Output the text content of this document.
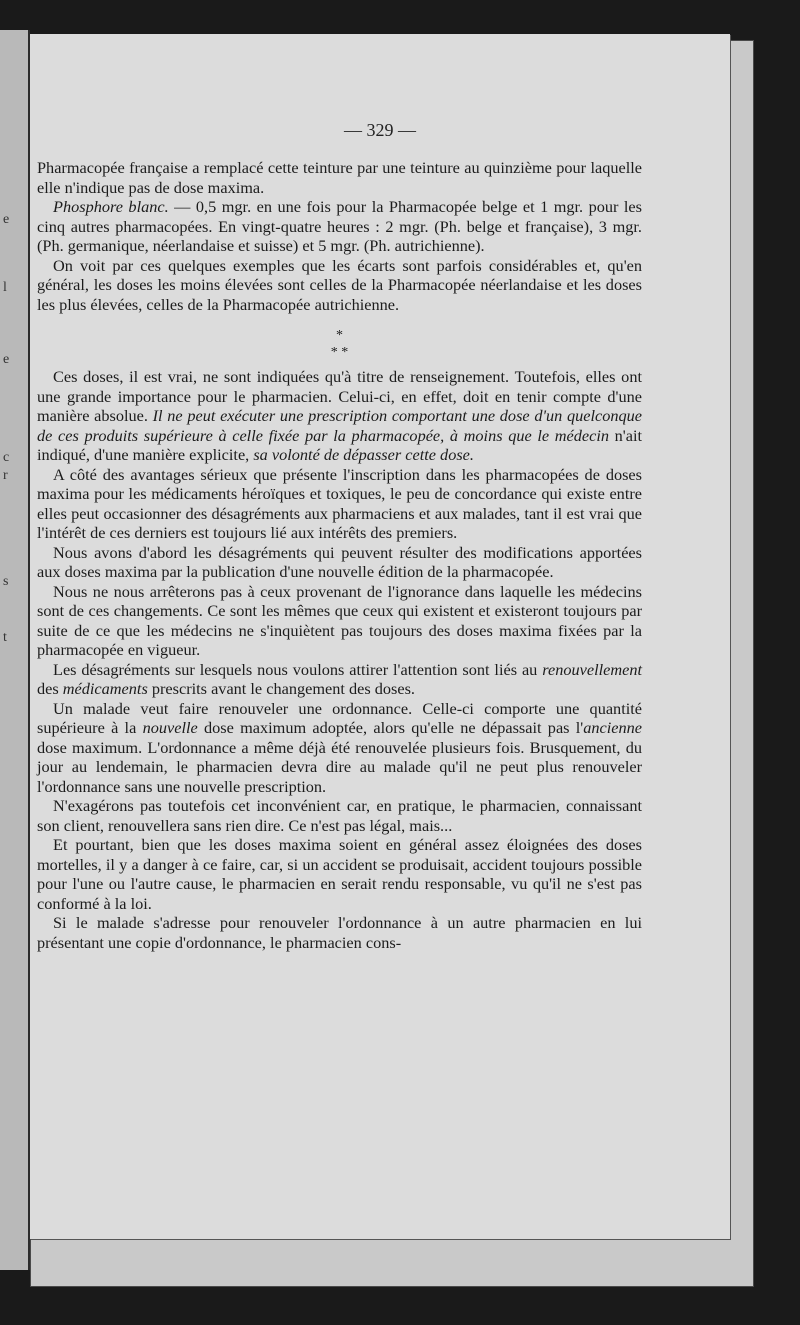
e
l
e
c
r
s
t
— 329 —

Pharmacopée française a remplacé cette teinture par une teinture au quinzième pour laquelle elle n'indique pas de dose maxima.

Phosphore blanc. — 0,5 mgr. en une fois pour la Pharmacopée belge et 1 mgr. pour les cinq autres pharmacopées. En vingt-quatre heures : 2 mgr. (Ph. belge et française), 3 mgr. (Ph. germanique, néerlandaise et suisse) et 5 mgr. (Ph. autrichienne).

On voit par ces quelques exemples que les écarts sont parfois considérables et, qu'en général, les doses les moins élevées sont celles de la Pharmacopée néerlandaise et les doses les plus élevées, celles de la Pharmacopée autrichienne.

*
* *

Ces doses, il est vrai, ne sont indiquées qu'à titre de renseignement. Toutefois, elles ont une grande importance pour le pharmacien. Celui-ci, en effet, doit en tenir compte d'une manière absolue. Il ne peut exécuter une prescription comportant une dose d'un quelconque de ces produits supérieure à celle fixée par la pharmacopée, à moins que le médecin n'ait indiqué, d'une manière explicite, sa volonté de dépasser cette dose.

A côté des avantages sérieux que présente l'inscription dans les pharmacopées de doses maxima pour les médicaments héroïques et toxiques, le peu de concordance qui existe entre elles peut occasionner des désagréments aux pharmaciens et aux malades, tant il est vrai que l'intérêt de ces derniers est toujours lié aux intérêts des premiers.

Nous avons d'abord les désagréments qui peuvent résulter des modifications apportées aux doses maxima par la publication d'une nouvelle édition de la pharmacopée.

Nous ne nous arrêterons pas à ceux provenant de l'ignorance dans laquelle les médecins sont de ces changements. Ce sont les mêmes que ceux qui existent et existeront toujours par suite de ce que les médecins ne s'inquiètent pas toujours des doses maxima fixées par la pharmacopée en vigueur.

Les désagréments sur lesquels nous voulons attirer l'attention sont liés au renouvellement des médicaments prescrits avant le changement des doses.

Un malade veut faire renouveler une ordonnance. Celle-ci comporte une quantité supérieure à la nouvelle dose maximum adoptée, alors qu'elle ne dépassait pas l'ancienne dose maximum. L'ordonnance a même déjà été renouvelée plusieurs fois. Brusquement, du jour au lendemain, le pharmacien devra dire au malade qu'il ne peut plus renouveler l'ordonnance sans une nouvelle prescription.

N'exagérons pas toutefois cet inconvénient car, en pratique, le pharmacien, connaissant son client, renouvellera sans rien dire. Ce n'est pas légal, mais...

Et pourtant, bien que les doses maxima soient en général assez éloignées des doses mortelles, il y a danger à ce faire, car, si un accident se produisait, accident toujours possible pour l'une ou l'autre cause, le pharmacien en serait rendu responsable, vu qu'il ne s'est pas conformé à la loi.

Si le malade s'adresse pour renouveler l'ordonnance à un autre pharmacien en lui présentant une copie d'ordonnance, le pharmacien cons-
